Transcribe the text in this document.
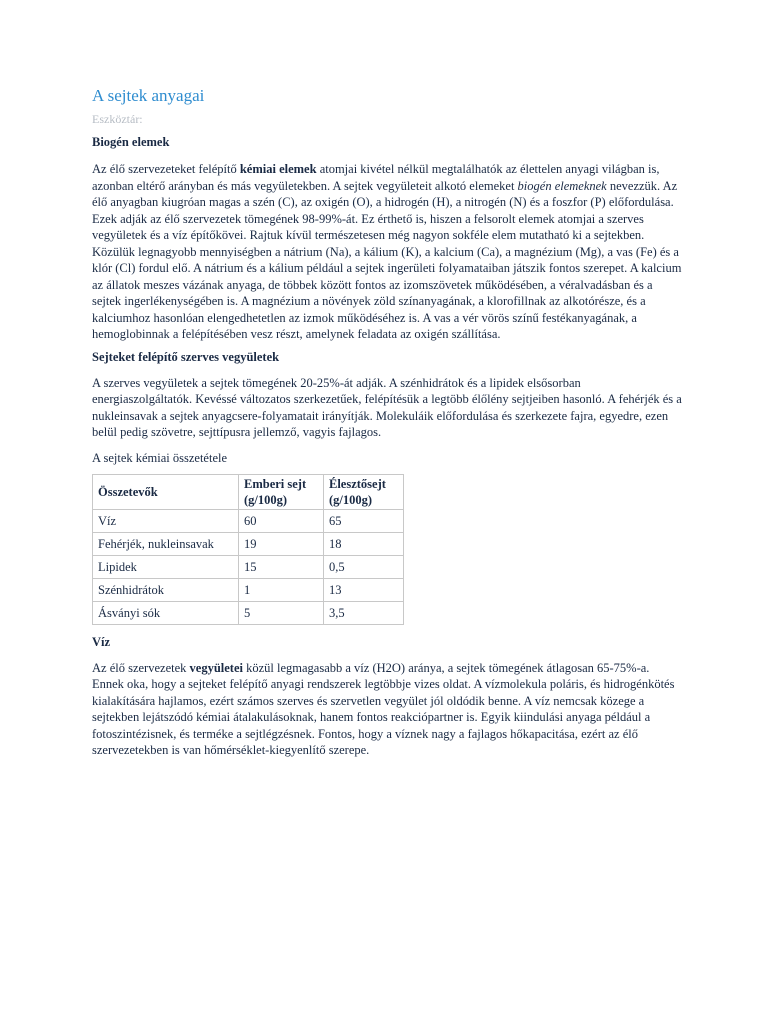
A sejtek anyagai
Eszköztár:
Biogén elemek

Az élő szervezeteket felépítő kémiai elemek atomjai kivétel nélkül megtalálhatók az élettelen anyagi világban is, azonban eltérő arányban és más vegyületekben. A sejtek vegyületeit alkotó elemeket biogén elemeknek nevezzük. Az élő anyagban kiugróan magas a szén (C), az oxigén (O), a hidrogén (H), a nitrogén (N) és a foszfor (P) előfordulása. Ezek adják az élő szervezetek tömegének 98-99%-át. Ez érthető is, hiszen a felsorolt elemek atomjai a szerves vegyületek és a víz építőkövei. Rajtuk kívül természetesen még nagyon sokféle elem mutatható ki a sejtekben. Közülük legnagyobb mennyiségben a nátrium (Na), a kálium (K), a kalcium (Ca), a magnézium (Mg), a vas (Fe) és a klór (Cl) fordul elő. A nátrium és a kálium például a sejtek ingerületi folyamataiban játszik fontos szerepet. A kalcium az állatok meszes vázának anyaga, de többek között fontos az izomszövetek működésében, a véralvadásban és a sejtek ingerlékenységében is. A magnézium a növények zöld színanyagának, a klorofillnak az alkotórésze, és a kalciumhoz hasonlóan elengedhetetlen az izmok működéséhez is. A vas a vér vörös színű festékanyagának, a hemoglobinnak a felépítésében vesz részt, amelynek feladata az oxigén szállítása.

Sejteket felépítő szerves vegyületek

A szerves vegyületek a sejtek tömegének 20-25%-át adják. A szénhidrátok és a lipidek elsősorban energiaszolgáltatók. Kevéssé változatos szerkezetűek, felépítésük a legtöbb élőlény sejtjeiben hasonló. A fehérjék és a nukleinsavak a sejtek anyagcsere-folyamatait irányítják. Molekuláik előfordulása és szerkezete fajra, egyedre, ezen belül pedig szövetre, sejttípusra jellemző, vagyis fajlagos.

A sejtek kémiai összetétele
Összetevők	Emberi sejt (g/100g)	Élesztősejt (g/100g)
Víz	60	65
Fehérjék, nukleinsavak	19	18
Lipidek	15	0,5
Szénhidrátok	1	13
Ásványi sók	5	3,5
Víz

Az élő szervezetek vegyületei közül legmagasabb a víz (H2O) aránya, a sejtek tömegének átlagosan 65-75%-a. Ennek oka, hogy a sejteket felépítő anyagi rendszerek legtöbbje vizes oldat. A vízmolekula poláris, és hidrogénkötés kialakítására hajlamos, ezért számos szerves és szervetlen vegyület jól oldódik benne. A víz nemcsak közege a sejtekben lejátszódó kémiai átalakulásoknak, hanem fontos reakciópartner is. Egyik kiindulási anyaga például a fotoszintézisnek, és terméke a sejtlégzésnek. Fontos, hogy a víznek nagy a fajlagos hőkapacitása, ezért az élő szervezetekben is van hőmérséklet-kiegyenlítő szerepe.
